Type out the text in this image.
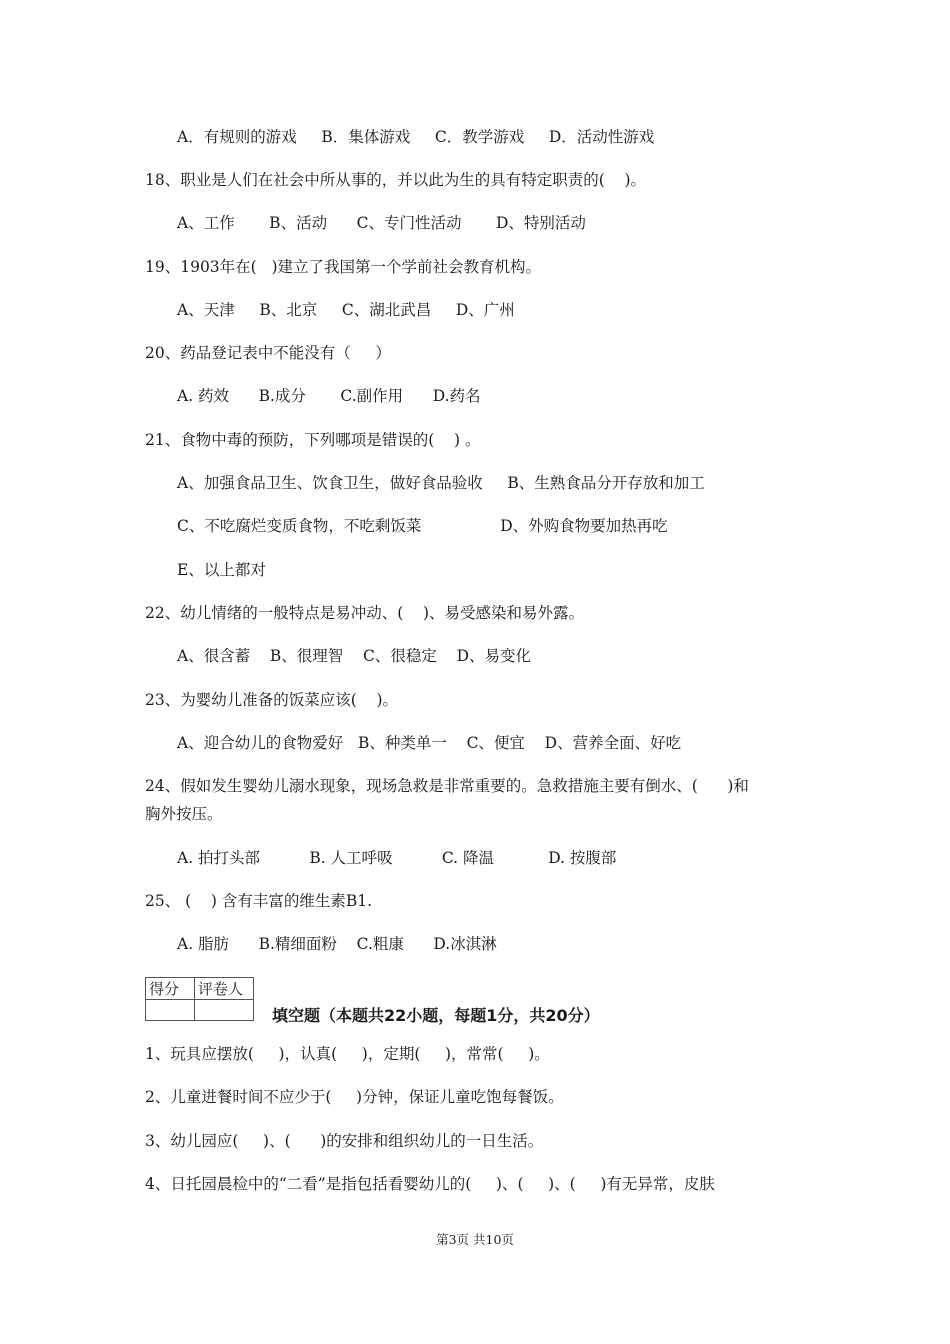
A．有规则的游戏     B．集体游戏     C．教学游戏     D．活动性游戏
18、职业是人们在社会中所从事的，并以此为生的具有特定职责的(    )。
A、工作       B、活动      C、专门性活动       D、特别活动
19、1903年在(   )建立了我国第一个学前社会教育机构。
A、天津     B、北京     C、湖北武昌     D、广州
20、药品登记表中不能没有（     ）
A. 药效      B.成分       C.副作用      D.药名
21、食物中毒的预防，下列哪项是错误的(    ) 。
A、加强食品卫生、饮食卫生，做好食品验收     B、生熟食品分开存放和加工
C、不吃腐烂变质食物，不吃剩饭菜                D、外购食物要加热再吃
E、以上都对
22、幼儿情绪的一般特点是易冲动、(    )、易受感染和易外露。
A、很含蓄    B、很理智    C、很稳定    D、易变化
23、为婴幼儿准备的饭菜应该(    )。
A、迎合幼儿的食物爱好   B、种类单一    C、便宜    D、营养全面、好吃
24、假如发生婴幼儿溺水现象，现场急救是非常重要的。急救措施主要有倒水、(      )和
胸外按压。
A. 拍打头部          B. 人工呼吸          C. 降温           D. 按腹部
25、 (    ) 含有丰富的维生素B1.
A. 脂肪      B.精细面粉    C.粗康      D.冰淇淋
得分	评卷人

填空题（本题共22小题，每题1分，共20分）
1、玩具应摆放(     )，认真(     )，定期(     )，常常(     )。
2、儿童进餐时间不应少于(     )分钟，保证儿童吃饱每餐饭。
3、幼儿园应(     )、(      )的安排和组织幼儿的一日生活。
4、日托园晨检中的“二看”是指包括看婴幼儿的(     )、(     )、(     )有无异常，皮肤
第3页 共10页
